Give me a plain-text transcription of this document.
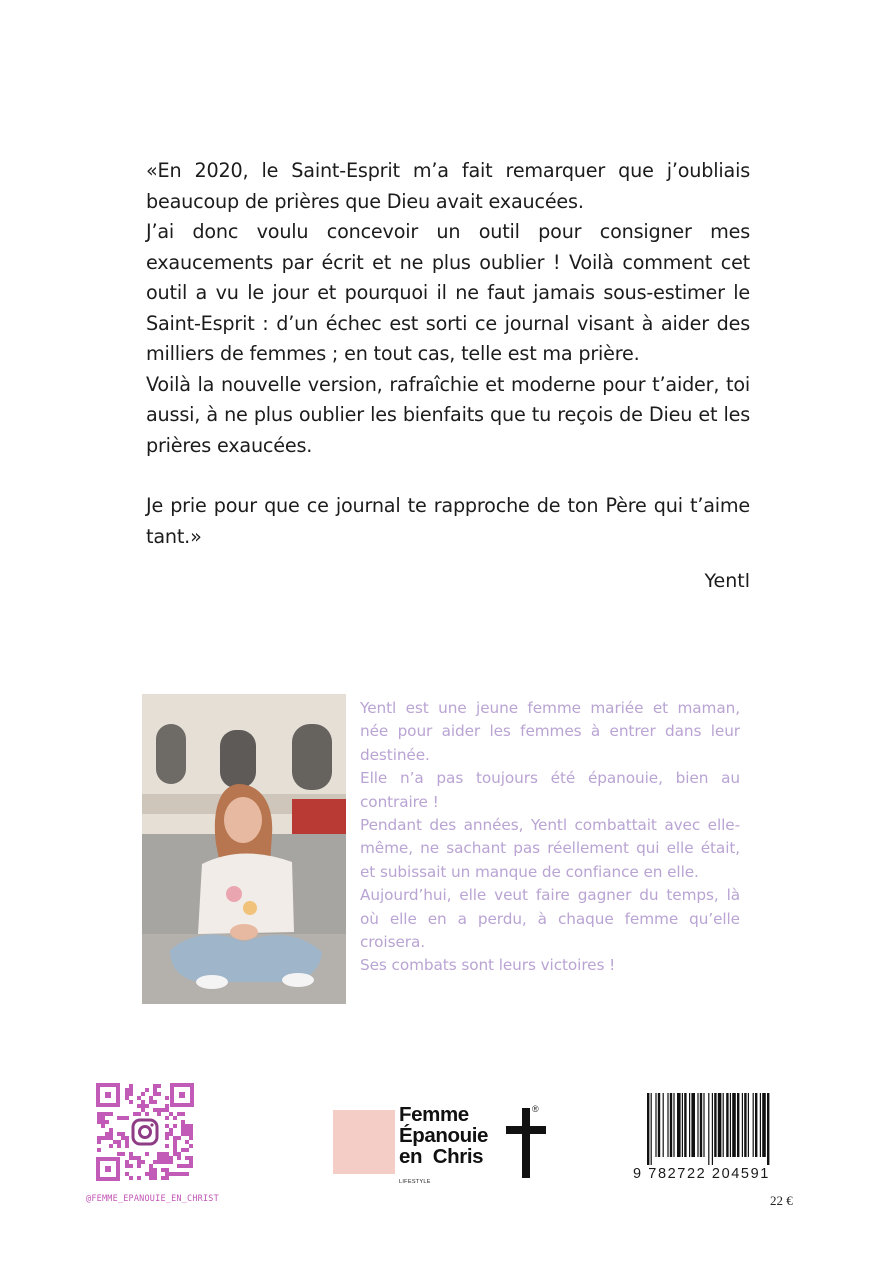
«En 2020, le Saint-Esprit m’a fait remarquer que j’oubliais beaucoup de prières que Dieu avait exaucées.

J’ai donc voulu concevoir un outil pour consigner mes exaucements par écrit et ne plus oublier ! Voilà comment cet outil a vu le jour et pourquoi il ne faut jamais sous-estimer le Saint-Esprit : d’un échec est sorti ce journal visant à aider des milliers de femmes ; en tout cas, telle est ma prière.

Voilà la nouvelle version, rafraîchie et moderne pour t’aider, toi aussi, à ne plus oublier les bienfaits que tu reçois de Dieu et les prières exaucées.

Je prie pour que ce journal te rapproche de ton Père qui t’aime tant.»

Yentl

Yentl est une jeune femme mariée et maman, née pour aider les femmes à entrer dans leur destinée.

Elle n’a pas toujours été épanouie, bien au contraire !

Pendant des années, Yentl combattait avec elle-même, ne sachant pas réellement qui elle était, et subissait un manque de confiance en elle.

Aujourd’hui, elle veut faire gagner du temps, là où elle en a perdu, à chaque femme qu’elle croisera.

Ses combats sont leurs victoires !

@FEMME_EPANOUIE_EN_CHRIST
Femme
Épanouie
en  Chris
®
LIFESTYLE	9 782722 204591
22 €
